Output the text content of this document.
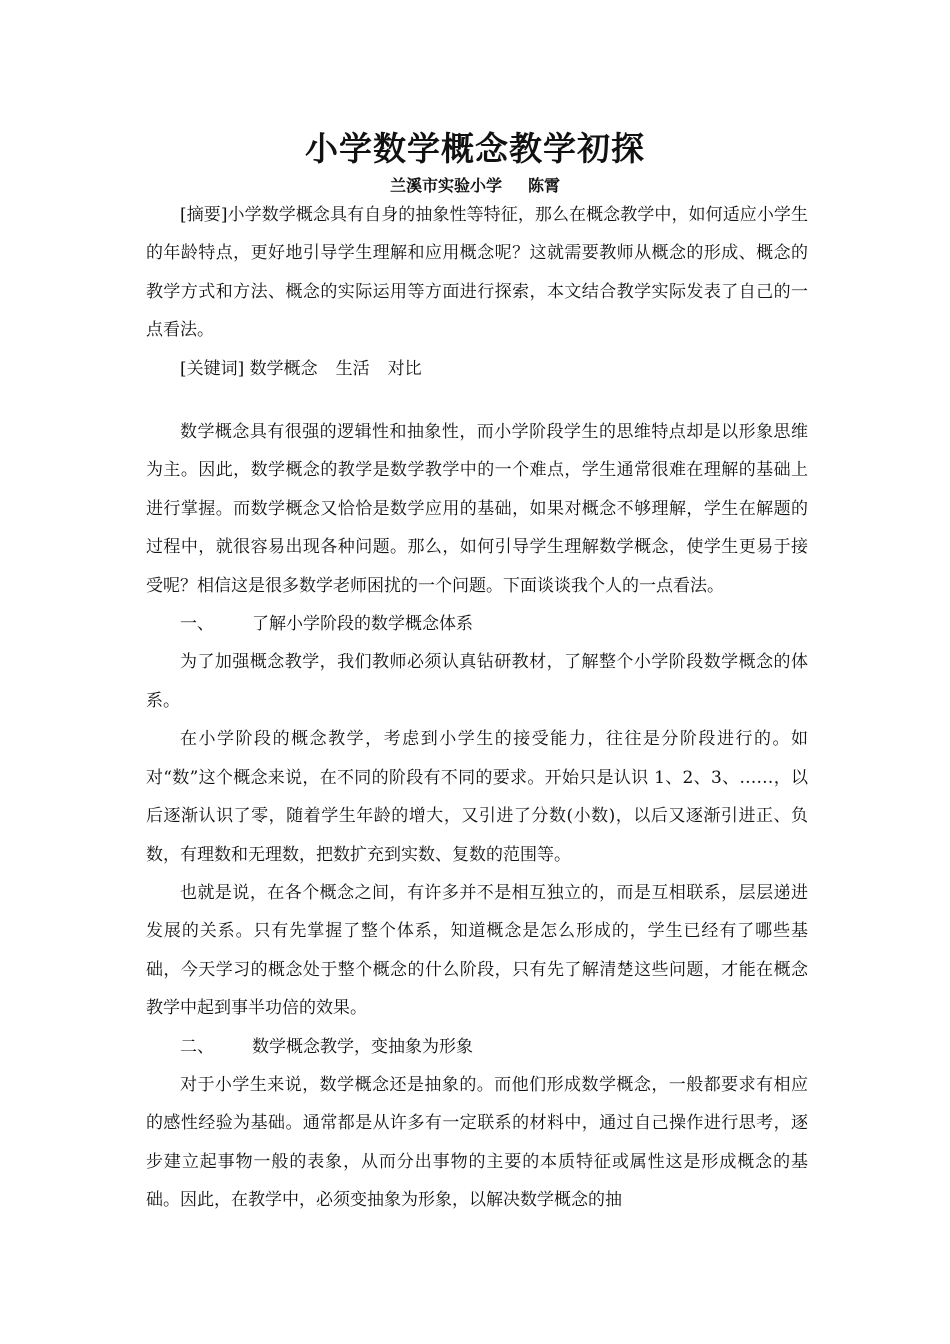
小学数学概念教学初探
兰溪市实验小学 陈霄

[摘要]小学数学概念具有自身的抽象性等特征，那么在概念教学中，如何适应小学生的年龄特点，更好地引导学生理解和应用概念呢？这就需要教师从概念的形成、概念的教学方式和方法、概念的实际运用等方面进行探索，本文结合教学实际发表了自己的一点看法。

[关键词] 数学概念 生活 对比

数学概念具有很强的逻辑性和抽象性，而小学阶段学生的思维特点却是以形象思维为主。因此，数学概念的教学是数学教学中的一个难点，学生通常很难在理解的基础上进行掌握。而数学概念又恰恰是数学应用的基础，如果对概念不够理解，学生在解题的过程中，就很容易出现各种问题。那么，如何引导学生理解数学概念，使学生更易于接受呢？相信这是很多数学老师困扰的一个问题。下面谈谈我个人的一点看法。

一、 了解小学阶段的数学概念体系

为了加强概念教学，我们教师必须认真钻研教材，了解整个小学阶段数学概念的体系。

在小学阶段的概念教学，考虑到小学生的接受能力，往往是分阶段进行的。如对“数”这个概念来说，在不同的阶段有不同的要求。开始只是认识 1、2、3、……，以后逐渐认识了零，随着学生年龄的增大，又引进了分数(小数)，以后又逐渐引进正、负数，有理数和无理数，把数扩充到实数、复数的范围等。

也就是说，在各个概念之间，有许多并不是相互独立的，而是互相联系，层层递进发展的关系。只有先掌握了整个体系，知道概念是怎么形成的，学生已经有了哪些基础，今天学习的概念处于整个概念的什么阶段，只有先了解清楚这些问题，才能在概念教学中起到事半功倍的效果。

二、 数学概念教学，变抽象为形象

对于小学生来说，数学概念还是抽象的。而他们形成数学概念，一般都要求有相应的感性经验为基础。通常都是从许多有一定联系的材料中，通过自己操作进行思考，逐步建立起事物一般的表象，从而分出事物的主要的本质特征或属性这是形成概念的基础。因此，在教学中，必须变抽象为形象，以解决数学概念的抽
